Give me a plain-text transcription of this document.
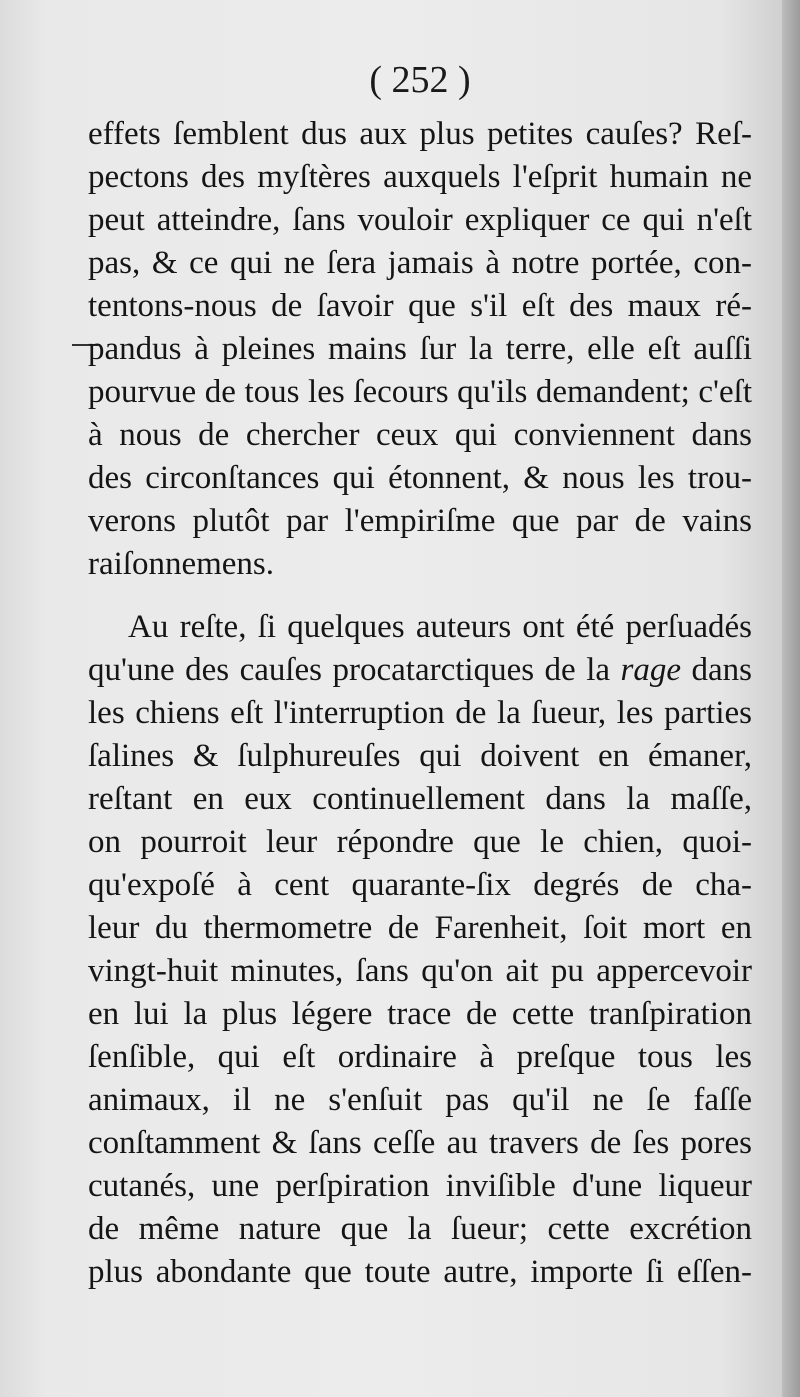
( 252 )
effets ſemblent dus aux plus petites cauſes? Reſ-
pectons des myſtères auxquels l'eſprit humain ne
peut atteindre, ſans vouloir expliquer ce qui n'eſt
pas, & ce qui ne ſera jamais à notre portée, con-
tentons-nous de ſavoir que s'il eſt des maux ré-
pandus à pleines mains ſur la terre, elle eſt auſſi
pourvue de tous les ſecours qu'ils demandent; c'eſt
à nous de chercher ceux qui conviennent dans
des circonſtances qui étonnent, & nous les trou-
verons plutôt par l'empiriſme que par de vains
raiſonnemens.
Au reſte, ſi quelques auteurs ont été perſuadés
qu'une des cauſes procatarctiques de la rage dans
les chiens eſt l'interruption de la ſueur, les parties
ſalines & ſulphureuſes qui doivent en émaner,
reſtant en eux continuellement dans la maſſe,
on pourroit leur répondre que le chien, quoi-
qu'expoſé à cent quarante-ſix degrés de cha-
leur du thermometre de Farenheit, ſoit mort en
vingt-huit minutes, ſans qu'on ait pu appercevoir
en lui la plus légere trace de cette tranſpiration
ſenſible, qui eſt ordinaire à preſque tous les
animaux, il ne s'enſuit pas qu'il ne ſe faſſe
conſtamment & ſans ceſſe au travers de ſes pores
cutanés, une perſpiration inviſible d'une liqueur
de même nature que la ſueur; cette excrétion
plus abondante que toute autre, importe ſi eſſen-
